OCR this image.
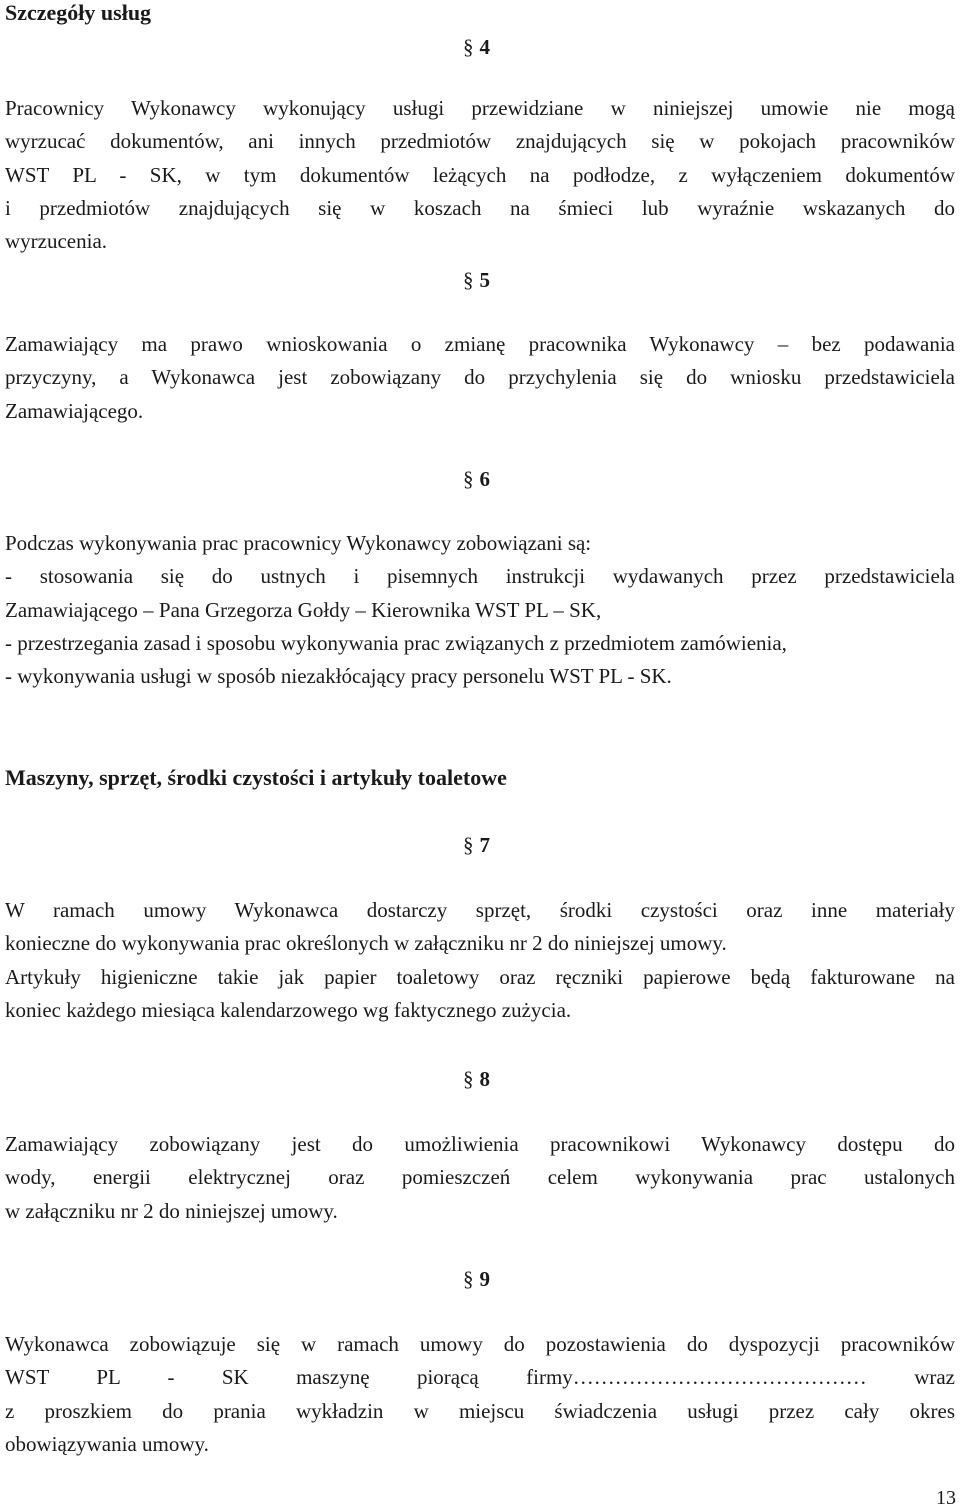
Szczegóły usług

§ 4

Pracownicy Wykonawcy wykonujący usługi przewidziane w niniejszej umowie nie mogą
wyrzucać dokumentów, ani innych przedmiotów znajdujących się w pokojach pracowników
WST PL - SK, w tym dokumentów leżących na podłodze, z wyłączeniem dokumentów
i przedmiotów znajdujących się w koszach na śmieci lub wyraźnie wskazanych do
wyrzucenia.

§ 5

Zamawiający ma prawo wnioskowania o zmianę pracownika Wykonawcy – bez podawania
przyczyny, a Wykonawca jest zobowiązany do przychylenia się do wniosku przedstawiciela
Zamawiającego.

§ 6

Podczas wykonywania prac pracownicy Wykonawcy zobowiązani są:
- stosowania się do ustnych i pisemnych instrukcji wydawanych przez przedstawiciela
Zamawiającego – Pana Grzegorza Gołdy – Kierownika WST PL – SK,
- przestrzegania zasad i sposobu wykonywania prac związanych z przedmiotem zamówienia,
- wykonywania usługi w sposób niezakłócający pracy personelu WST PL - SK.
Maszyny, sprzęt, środki czystości i artykuły toaletowe

§ 7

W ramach umowy Wykonawca dostarczy sprzęt, środki czystości oraz inne materiały
konieczne do wykonywania prac określonych w załączniku nr 2 do niniejszej umowy.
Artykuły higieniczne takie jak papier toaletowy oraz ręczniki papierowe będą fakturowane na
koniec każdego miesiąca kalendarzowego wg faktycznego zużycia.

§ 8

Zamawiający zobowiązany jest do umożliwienia pracownikowi Wykonawcy dostępu do
wody, energii elektrycznej oraz pomieszczeń celem wykonywania prac ustalonych
w załączniku nr 2 do niniejszej umowy.

§ 9

Wykonawca zobowiązuje się w ramach umowy do pozostawienia do dyspozycji pracowników
WST PL - SK maszynę piorącą firmy…………………………………… wraz
z proszkiem do prania wykładzin w miejscu świadczenia usługi przez cały okres
obowiązywania umowy.

13
